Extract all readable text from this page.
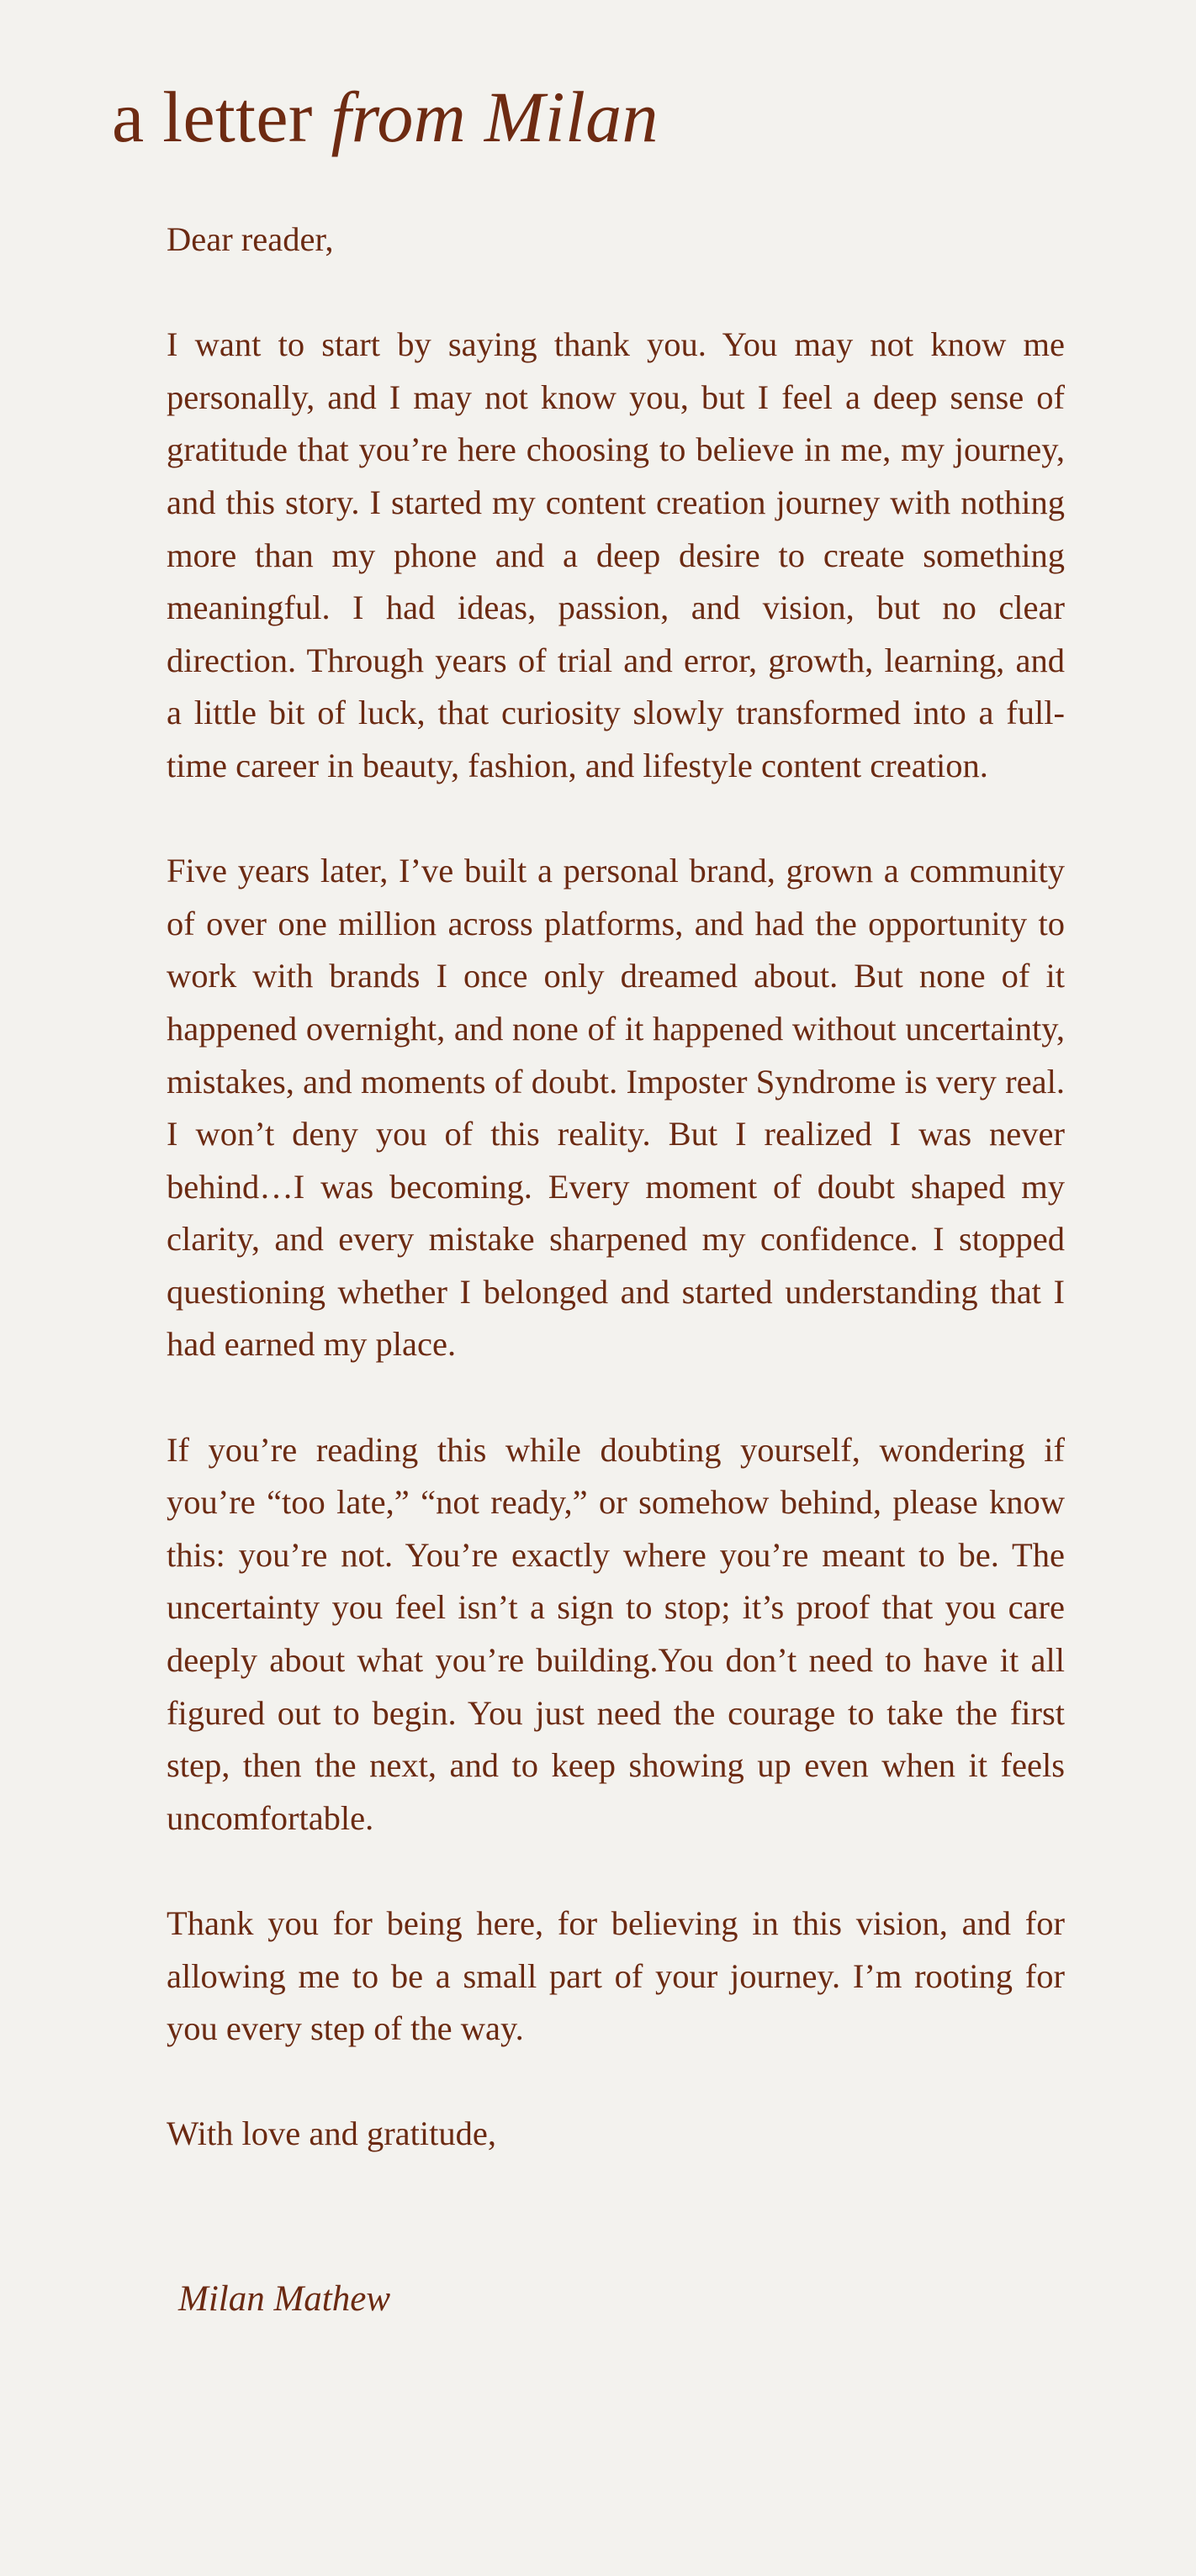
a letter from Milan

Dear reader,

I want to start by saying thank you. You may not know me personally, and I may not know you, but I feel a deep sense of gratitude that you’re here choosing to believe in me, my journey, and this story. I started my content creation journey with nothing more than my phone and a deep desire to create something meaningful. I had ideas, passion, and vision, but no clear direction. Through years of trial and error, growth, learning, and a little bit of luck, that curiosity slowly transformed into a full-time career in beauty, fashion, and lifestyle content creation.

Five years later, I’ve built a personal brand, grown a community of over one million across platforms, and had the opportunity to work with brands I once only dreamed about. But none of it happened overnight, and none of it happened without uncertainty, mistakes, and moments of doubt. Imposter Syndrome is very real. I won’t deny you of this reality. But I realized I was never behind…I was becoming. Every moment of doubt shaped my clarity, and every mistake sharpened my confidence. I stopped questioning whether I belonged and started understanding that I had earned my place.

If you’re reading this while doubting yourself, wondering if you’re “too late,” “not ready,” or somehow behind, please know this: you’re not. You’re exactly where you’re meant to be. The uncertainty you feel isn’t a sign to stop; it’s proof that you care deeply about what you’re building.You don’t need to have it all figured out to begin. You just need the courage to take the first step, then the next, and to keep showing up even when it feels uncomfortable.

Thank you for being here, for believing in this vision, and for allowing me to be a small part of your journey. I’m rooting for you every step of the way.

With love and gratitude,

Milan Mathew
